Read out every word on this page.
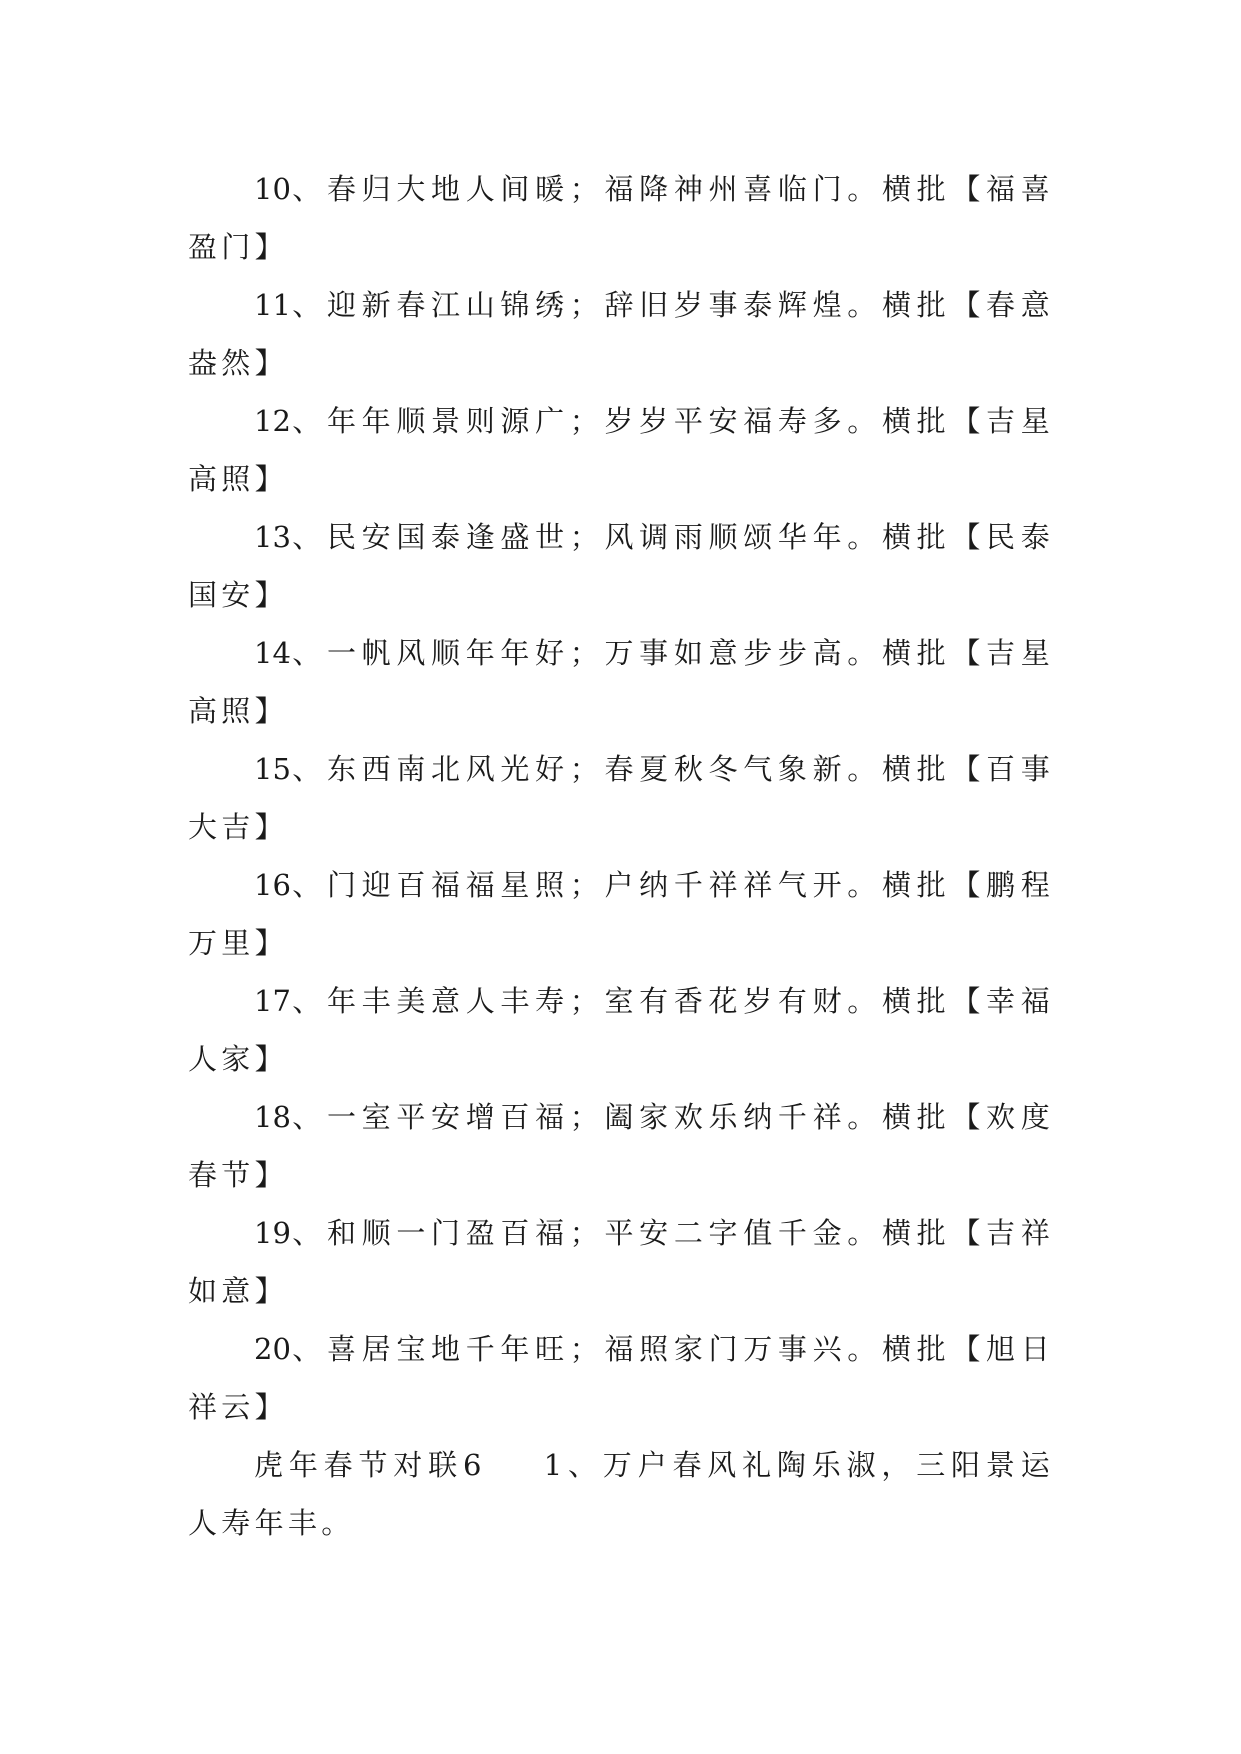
10、春归大地人间暖；福降神州喜临门。横批【福喜盈门】

11、迎新春江山锦绣；辞旧岁事泰辉煌。横批【春意盎然】

12、年年顺景则源广；岁岁平安福寿多。横批【吉星高照】

13、民安国泰逢盛世；风调雨顺颂华年。横批【民泰国安】

14、一帆风顺年年好；万事如意步步高。横批【吉星高照】

15、东西南北风光好；春夏秋冬气象新。横批【百事大吉】

16、门迎百福福星照；户纳千祥祥气开。横批【鹏程万里】

17、年丰美意人丰寿；室有香花岁有财。横批【幸福人家】

18、一室平安增百福；阖家欢乐纳千祥。横批【欢度春节】

19、和顺一门盈百福；平安二字值千金。横批【吉祥如意】

20、喜居宝地千年旺；福照家门万事兴。横批【旭日祥云】

虎年春节对联6 1、万户春风礼陶乐淑，三阳景运人寿年丰。
